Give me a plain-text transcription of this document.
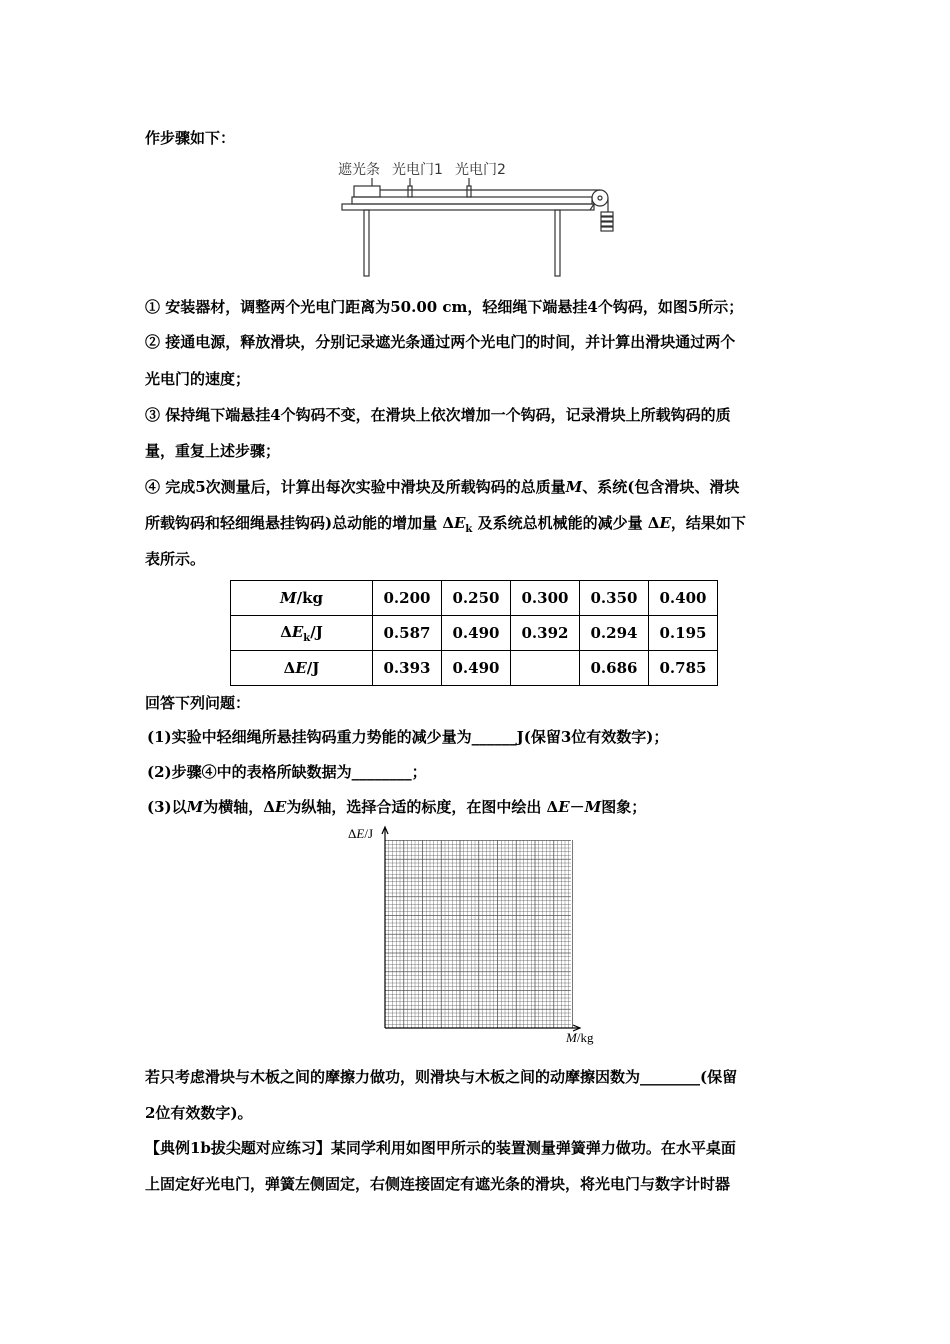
作步骤如下：
遮光条 光电门1 光电门2
① 安装器材，调整两个光电门距离为50.00 cm，轻细绳下端悬挂4个钩码，如图5所示；
② 接通电源，释放滑块，分别记录遮光条通过两个光电门的时间，并计算出滑块通过两个
光电门的速度；
③ 保持绳下端悬挂4个钩码不变，在滑块上依次增加一个钩码，记录滑块上所载钩码的质
量，重复上述步骤；
④ 完成5次测量后，计算出每次实验中滑块及所载钩码的总质量M、系统(包含滑块、滑块
所载钩码和轻细绳悬挂钩码)总动能的增加量 $\Delta E_k$ 及系统总机械能的减少量 ΔE，结果如下
表所示。
M/kg	0.200	0.250	0.300	0.350	0.400
$\Delta E_k/J$	0.587	0.490	0.392	0.294	0.195
ΔE/J	0.393	0.490		0.686	0.785
回答下列问题：
(1)实验中轻细绳所悬挂钩码重力势能的减少量为______J(保留3位有效数字)；
(2)步骤④中的表格所缺数据为________；
(3)以M为横轴，ΔE为纵轴，选择合适的标度，在图中绘出 ΔE－M图象；
ΔE/J
M/kg
若只考虑滑块与木板之间的摩擦力做功，则滑块与木板之间的动摩擦因数为________(保留
2位有效数字)。
【典例1b拔尖题对应练习】某同学利用如图甲所示的装置测量弹簧弹力做功。在水平桌面
上固定好光电门，弹簧左侧固定，右侧连接固定有遮光条的滑块，将光电门与数字计时器
